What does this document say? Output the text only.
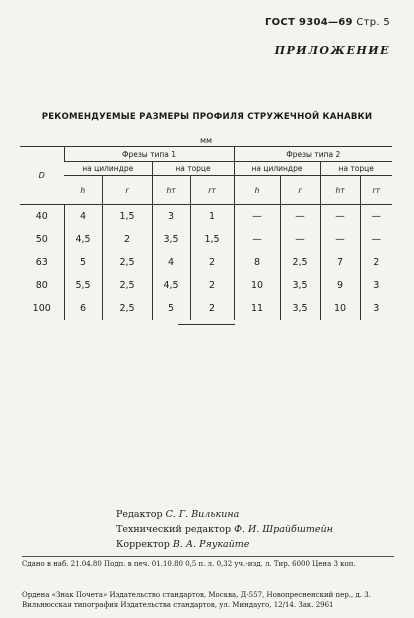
ГОСТ 9304—69 Стр. 5
ПРИЛОЖЕНИЕ
РЕКОМЕНДУЕМЫЕ РАЗМЕРЫ ПРОФИЛЯ СТРУЖЕЧНОЙ КАНАВКИ
мм
D	Фрезы типа 1				Фрезы типа 2			
	на цилиндре		на торце		на цилиндре		на торце	
	h	r	hт	rт	h	r	hт	rт
40	4	1,5	3	1	—	—	—	—
50	4,5	2	3,5	1,5	—	—	—	—
63	5	2,5	4	2	8	2,5	7	2
80	5,5	2,5	4,5	2	10	3,5	9	3
100	6	2,5	5	2	11	3,5	10	3
Редактор С. Г. Вилькина
Технический редактор Ф. И. Шрайбштейн
Корректор В. А. Ряукайте
Сдано в наб. 21.04.80 Подп. в печ. 01.10.80 0,5 п. л. 0,32 уч.-изд. л. Тир. 6000 Цена 3 коп.
Ордена «Знак Почета» Издательство стандартов, Москва, Д-557, Новопресненский пер., д. 3.
Вильнюсская типография Издательства стандартов, ул. Миндауго, 12/14. Зак. 2961
